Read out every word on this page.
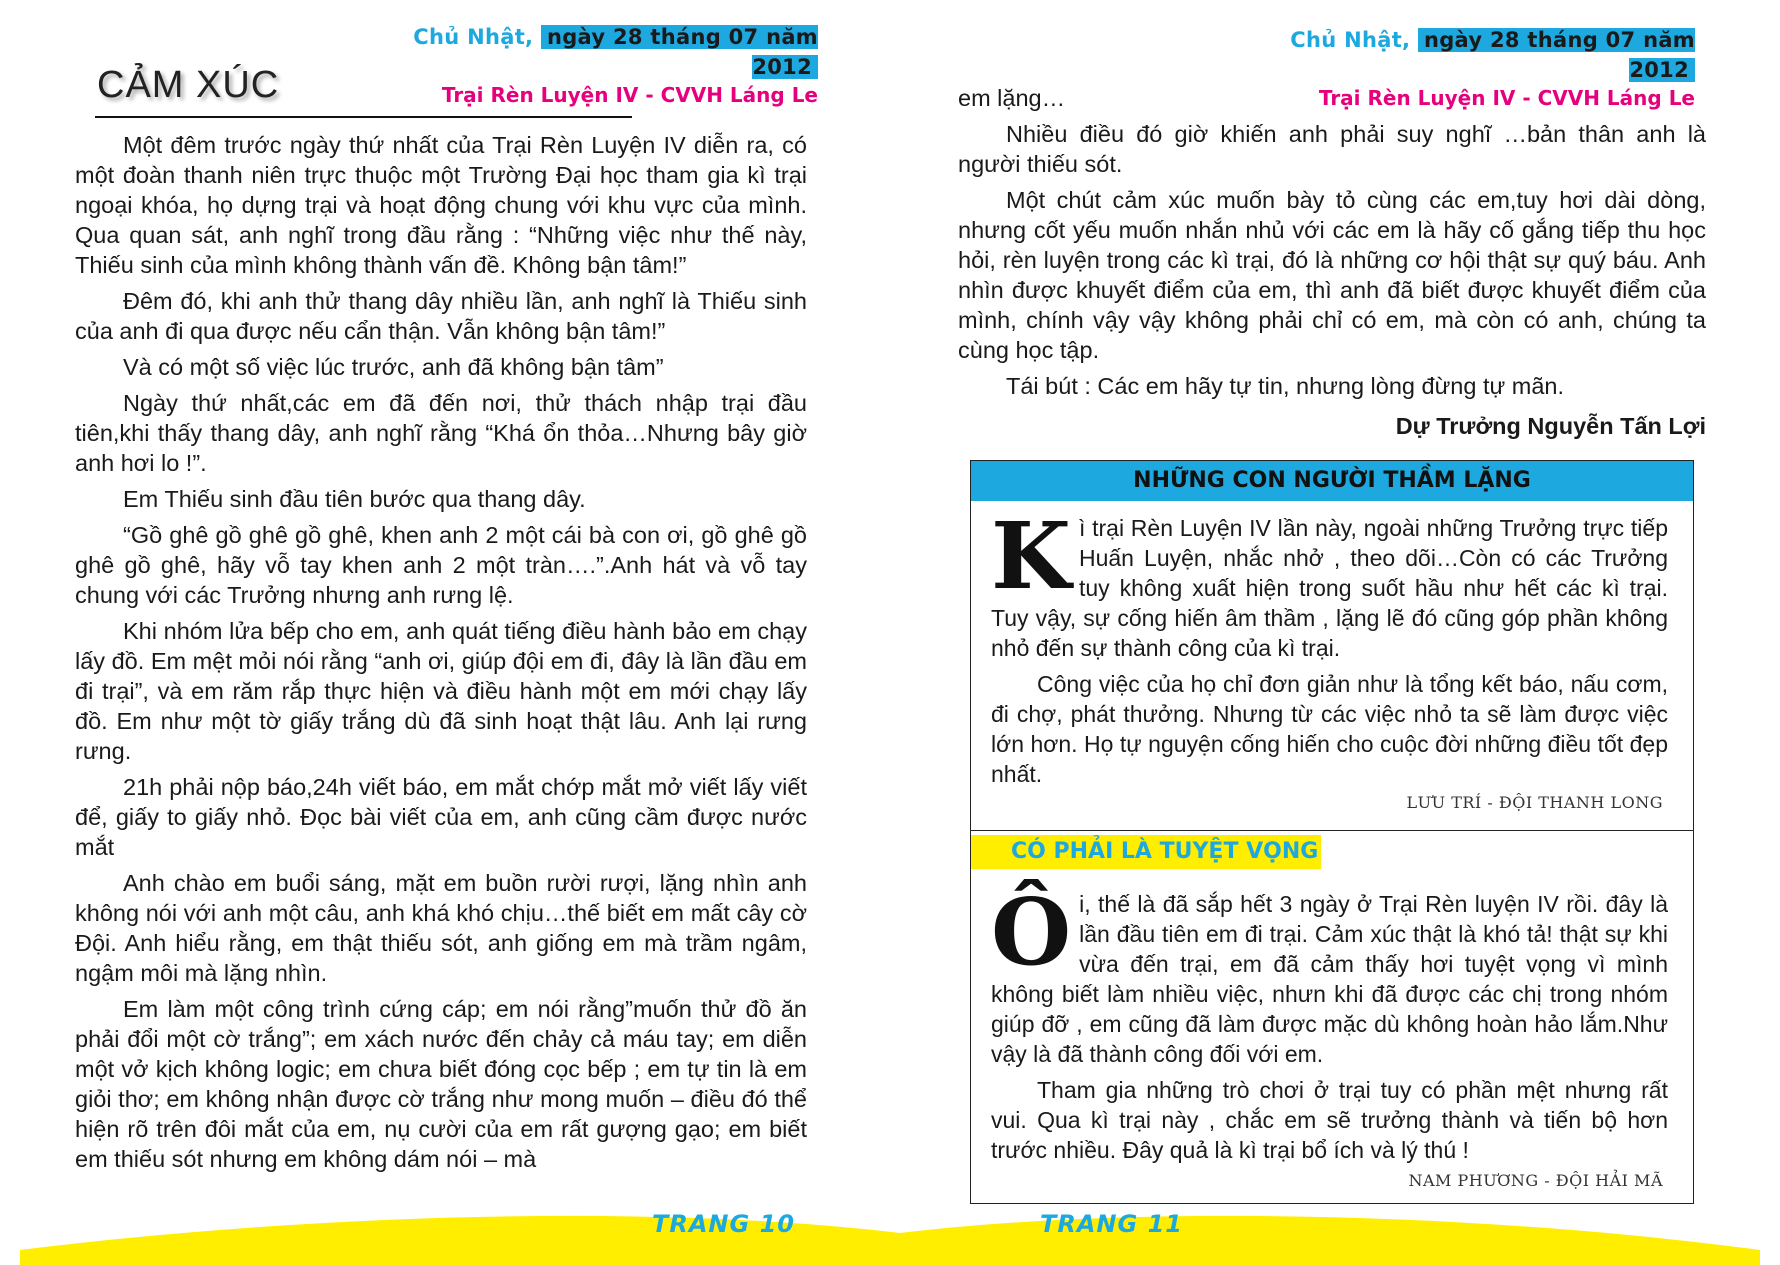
Chủ Nhật, ngày 28 tháng 07 năm 2012
Trại Rèn Luyện IV - CVVH Láng Le
CẢM XÚC

Một đêm trước ngày thứ nhất của Trại Rèn Luyện IV diễn ra, có một đoàn thanh niên trực thuộc một Trường Đại học tham gia kì trại ngoại khóa, họ dựng trại và hoạt động chung với khu vực của mình. Qua quan sát, anh nghĩ trong đầu rằng : “Những việc như thế này, Thiếu sinh của mình không thành vấn đề. Không bận tâm!”

Đêm đó, khi anh thử thang dây nhiều lần, anh nghĩ là Thiếu sinh của anh đi qua được nếu cẩn thận. Vẫn không bận tâm!”

Và có một số việc lúc trước, anh đã không bận tâm”

Ngày thứ nhất,các em đã đến nơi, thử thách nhập trại đầu tiên,khi thấy thang dây, anh nghĩ rằng “Khá ổn thỏa…Nhưng bây giờ anh hơi lo !”.

Em Thiếu sinh đầu tiên bước qua thang dây.

“Gồ ghê gồ ghê gồ ghê, khen anh 2 một cái bà con ơi, gồ ghê gồ ghê gồ ghê, hãy vỗ tay khen anh 2 một tràn….”.Anh hát và vỗ tay chung với các Trưởng nhưng anh rưng lệ.

Khi nhóm lửa bếp cho em, anh quát tiếng điều hành bảo em chạy lấy đồ. Em mệt mỏi nói rằng “anh ơi, giúp đội em đi, đây là lần đầu em đi trại”, và em răm rắp thực hiện và điều hành một em mới chạy lấy đồ. Em như một tờ giấy trắng dù đã sinh hoạt thật lâu. Anh lại rưng rưng.

21h phải nộp báo,24h viết báo, em mắt chớp mắt mở viết lấy viết để, giấy to giấy nhỏ. Đọc bài viết của em, anh cũng cầm được nước mắt

Anh chào em buổi sáng, mặt em buồn rười rượi, lặng nhìn anh không nói với anh một câu, anh khá khó chịu…thế biết em mất cây cờ Đội. Anh hiểu rằng, em thật thiếu sót, anh giống em mà trầm ngâm, ngậm môi mà lặng nhìn.

Em làm một công trình cứng cáp; em nói rằng”muốn thử đồ ăn phải đổi một cờ trắng”; em xách nước đến chảy cả máu tay; em diễn một vở kịch không logic; em chưa biết đóng cọc bếp ; em tự tin là em giỏi thơ; em không nhận được cờ trắng như mong muốn – điều đó thể hiện rõ trên đôi mắt của em, nụ cười của em rất gượng gạo; em biết em thiếu sót nhưng em không dám nói – mà

Chủ Nhật, ngày 28 tháng 07 năm 2012
Trại Rèn Luyện IV - CVVH Láng Le

em lặng…

Nhiều điều đó giờ khiến anh phải suy nghĩ …bản thân anh là người thiếu sót.

Một chút cảm xúc muốn bày tỏ cùng các em,tuy hơi dài dòng, nhưng cốt yếu muốn nhắn nhủ với các em là hãy cố gắng tiếp thu học hỏi, rèn luyện trong các kì trại, đó là những cơ hội thật sự quý báu. Anh nhìn được khuyết điểm của em, thì anh đã biết được khuyết điểm của mình, chính vậy vậy không phải chỉ có em, mà còn có anh, chúng ta cùng học tập.

Tái bút : Các em hãy tự tin, nhưng lòng đừng tự mãn.

Dự Trưởng Nguyễn Tấn Lợi

NHỮNG CON NGƯỜI THẦM LẶNG

Kì trại Rèn Luyện IV lần này, ngoài những Trưởng trực tiếp Huấn Luyện, nhắc nhở , theo dõi…Còn có các Trưởng tuy không xuất hiện trong suốt hầu như hết các kì trại. Tuy vậy, sự cống hiến âm thầm , lặng lẽ đó cũng góp phần không nhỏ đến sự thành công của kì trại.

Công việc của họ chỉ đơn giản như là tổng kết báo, nấu cơm, đi chợ, phát thưởng. Nhưng từ các việc nhỏ ta sẽ làm được việc lớn hơn. Họ tự nguyện cống hiến cho cuộc đời những điều tốt đẹp nhất.

LƯU TRÍ - ĐỘI THANH LONG
CÓ PHẢI LÀ TUYỆT VỌNG

Ôi, thế là đã sắp hết 3 ngày ở Trại Rèn luyện IV rồi. đây là lần đầu tiên em đi trại. Cảm xúc thật là khó tả! thật sự khi vừa đến trại, em đã cảm thấy hơi tuyệt vọng vì mình không biết làm nhiều việc, nhưn khi đã được các chị trong nhóm giúp đỡ , em cũng đã làm được mặc dù không hoàn hảo lắm.Như vậy là đã thành công đối với em.

Tham gia những trò chơi ở trại tuy có phần mệt nhưng rất vui. Qua kì trại này , chắc em sẽ trưởng thành và tiến bộ hơn trước nhiều. Đây quả là kì trại bổ ích và lý thú !

NAM PHƯƠNG - ĐỘI HẢI MÃ
TRANG 10	TRANG 11
